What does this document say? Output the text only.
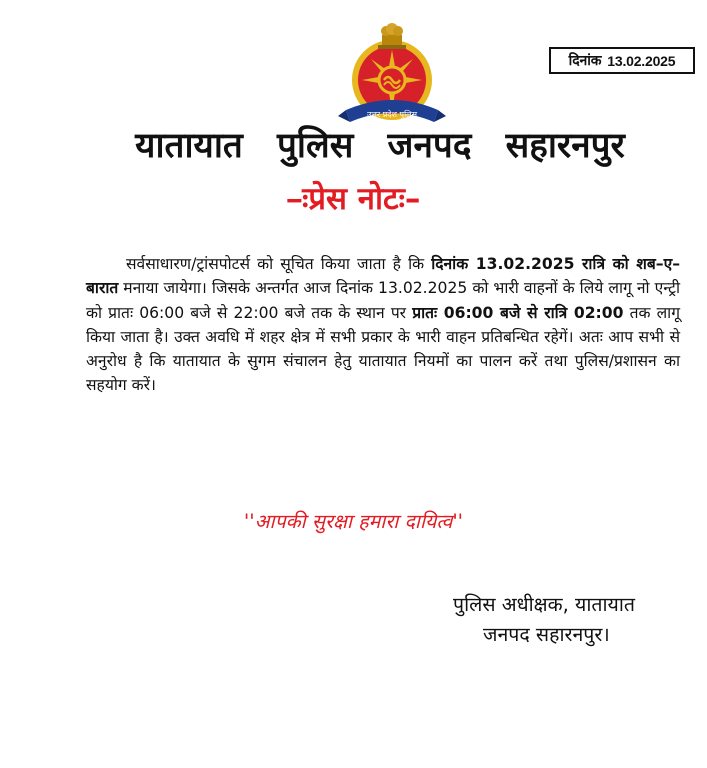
उत्तर प्रदेश पुलिस
दिनांक 13.02.2025
यातायात पुलिस जनपद सहारनपुर
–ःप्रेस नोटः–
सर्वसाधारण/ट्रांसपोटर्स को सूचित किया जाता है कि दिनांक 13.02.2025 रात्रि को शब–ए–बारात मनाया जायेगा। जिसके अन्तर्गत आज दिनांक 13.02.2025 को भारी वाहनों के लिये लागू नो एन्ट्री को प्रातः 06:00 बजे से 22:00 बजे तक के स्थान पर प्रातः 06:00 बजे से रात्रि 02:00 तक लागू किया जाता है। उक्त अवधि में शहर क्षेत्र में सभी प्रकार के भारी वाहन प्रतिबन्धित रहेगें। अतः आप सभी से अनुरोध है कि यातायात के सुगम संचालन हेतु यातायात नियमों का पालन करें तथा पुलिस/प्रशासन का सहयोग करें।
''आपकी सुरक्षा हमारा दायित्व''
पुलिस अधीक्षक, यातायात
जनपद सहारनपुर।
